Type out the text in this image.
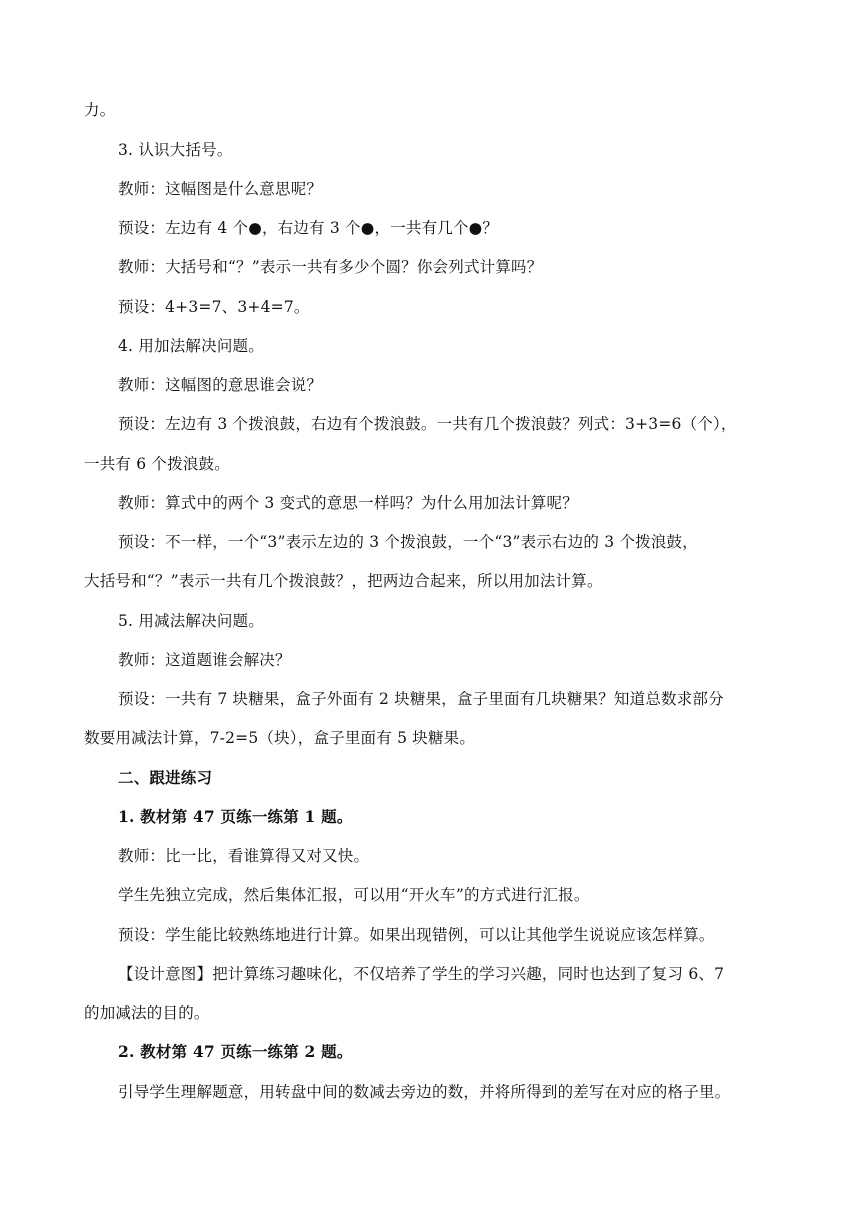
力。
3. 认识大括号。
教师：这幅图是什么意思呢？
预设：左边有 4 个●，右边有 3 个●，一共有几个●？
教师：大括号和“？”表示一共有多少个圆？你会列式计算吗？
预设：4+3=7、3+4=7。
4. 用加法解决问题。
教师：这幅图的意思谁会说？
预设：左边有 3 个拨浪鼓，右边有个拨浪鼓。一共有几个拨浪鼓？列式：3+3=6（个），
一共有 6 个拨浪鼓。
教师：算式中的两个 3 变式的意思一样吗？为什么用加法计算呢？
预设：不一样，一个“3”表示左边的 3 个拨浪鼓，一个“3”表示右边的 3 个拨浪鼓，
大括号和“？”表示一共有几个拨浪鼓？，把两边合起来，所以用加法计算。
5. 用减法解决问题。
教师：这道题谁会解决？
预设：一共有 7 块糖果，盒子外面有 2 块糖果，盒子里面有几块糖果？知道总数求部分
数要用减法计算，7-2=5（块），盒子里面有 5 块糖果。
二、跟进练习
1. 教材第 47 页练一练第 1 题。
教师：比一比，看谁算得又对又快。
学生先独立完成，然后集体汇报，可以用“开火车”的方式进行汇报。
预设：学生能比较熟练地进行计算。如果出现错例，可以让其他学生说说应该怎样算。
【设计意图】把计算练习趣味化，不仅培养了学生的学习兴趣，同时也达到了复习 6、7
的加减法的目的。
2. 教材第 47 页练一练第 2 题。
引导学生理解题意，用转盘中间的数减去旁边的数，并将所得到的差写在对应的格子里。
